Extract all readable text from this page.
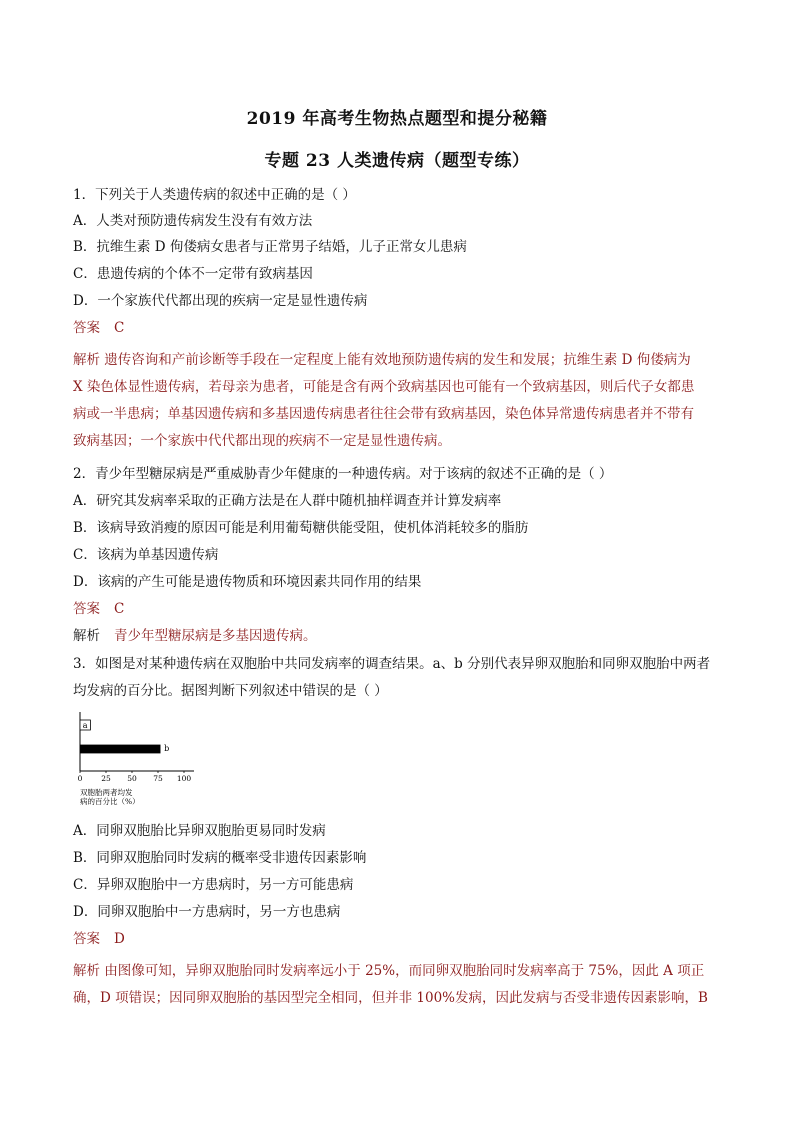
2019 年高考生物热点题型和提分秘籍
专题 23 人类遗传病（题型专练）
1．下列关于人类遗传病的叙述中正确的是（ ）
A．人类对预防遗传病发生没有有效方法
B．抗维生素 D 佝偻病女患者与正常男子结婚，儿子正常女儿患病
C．患遗传病的个体不一定带有致病基因
D．一个家族代代都出现的疾病一定是显性遗传病
答案 C

解析 遗传咨询和产前诊断等手段在一定程度上能有效地预防遗传病的发生和发展；抗维生素 D 佝偻病为

X 染色体显性遗传病，若母亲为患者，可能是含有两个致病基因也可能有一个致病基因，则后代子女都患

病或一半患病；单基因遗传病和多基因遗传病患者往往会带有致病基因，染色体异常遗传病患者并不带有

致病基因；一个家族中代代都出现的疾病不一定是显性遗传病。

2．青少年型糖尿病是严重威胁青少年健康的一种遗传病。对于该病的叙述不正确的是（ ）
A．研究其发病率采取的正确方法是在人群中随机抽样调查并计算发病率
B．该病导致消瘦的原因可能是利用葡萄糖供能受阻，使机体消耗较多的脂肪
C．该病为单基因遗传病
D．该病的产生可能是遗传物质和环境因素共同作用的结果
答案 C
解析 青少年型糖尿病是多基因遗传病。
3．如图是对某种遗传病在双胞胎中共同发病率的调查结果。a、b 分别代表异卵双胞胎和同卵双胞胎中两者
均发病的百分比。据图判断下列叙述中错误的是（ ）
0	25 50 75 100
a
b
双胞胎两者均发
病的百分比（%）
A．同卵双胞胎比异卵双胞胎更易同时发病
B．同卵双胞胎同时发病的概率受非遗传因素影响
C．异卵双胞胎中一方患病时，另一方可能患病
D．同卵双胞胎中一方患病时，另一方也患病
答案 D

解析 由图像可知，异卵双胞胎同时发病率远小于 25%，而同卵双胞胎同时发病率高于 75%，因此 A 项正

确，D 项错误；因同卵双胞胎的基因型完全相同，但并非 100%发病，因此发病与否受非遗传因素影响，B
